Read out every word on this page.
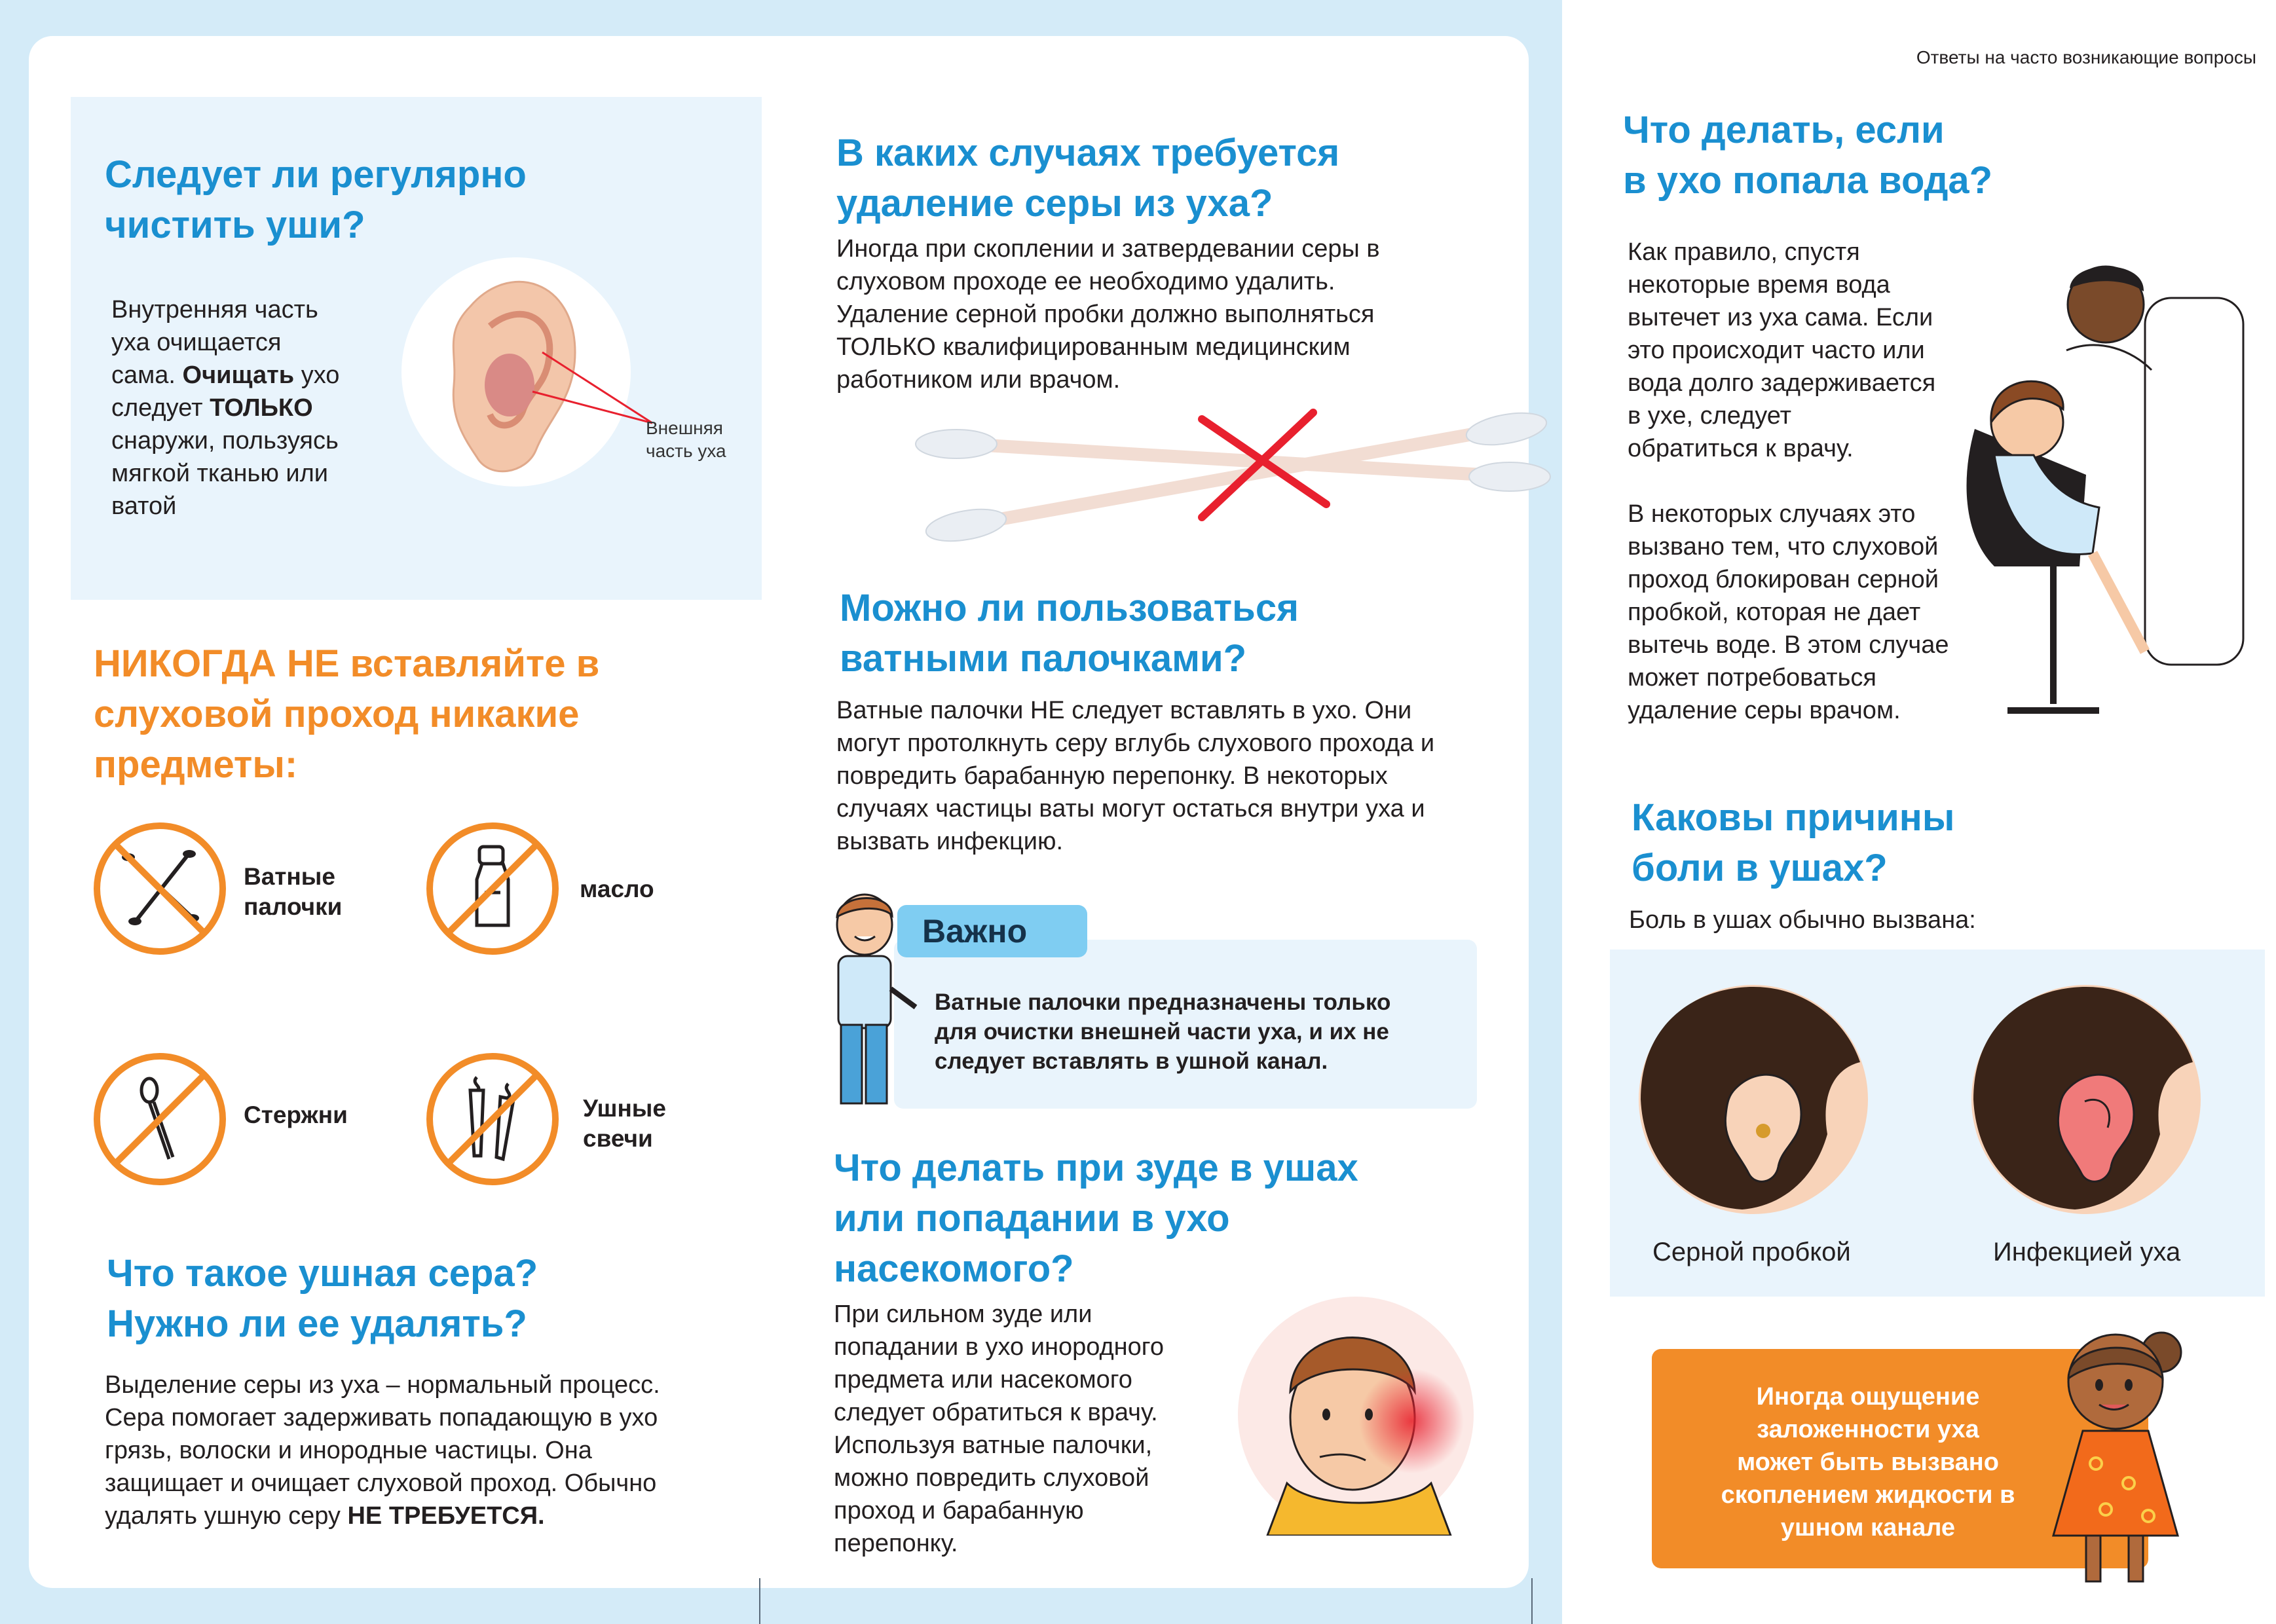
Ответы на часто возникающие вопросы

Следует ли регулярно
чистить уши?

Внутренняя часть
уха очищается
сама. Очищать ухо
следует ТОЛЬКО
снаружи, пользуясь
мягкой тканью или
ватой
Внешняя
часть уха

НИКОГДА НЕ вставляйте в
слуховой проход никакие
предметы:

Ватные
палочки
масло
Стержни	Ушные
свечи

Что такое ушная сера?
Нужно ли ее удалять?

Выделение серы из уха – нормальный процесс.
Сера помогает задерживать попадающую в ухо
грязь, волоски и инородные частицы. Она
защищает и очищает слуховой проход. Обычно
удалять ушную серу НЕ ТРЕБУЕТСЯ.

В каких случаях требуется
удаление серы из уха?

Иногда при скоплении и затвердевании серы в
слуховом проходе ее необходимо удалить.
Удаление серной пробки должно выполняться
ТОЛЬКО квалифицированным медицинским
работником или врачом.

Можно ли пользоваться
ватными палочками?

Ватные палочки НЕ следует вставлять в ухо. Они
могут протолкнуть серу вглубь слухового прохода и
повредить барабанную перепонку. В некоторых
случаях частицы ваты могут остаться внутри уха и
вызвать инфекцию.
Важно
Ватные палочки предназначены только
для очистки внешней части уха, и их не
следует вставлять в ушной канал.

Что делать при зуде в ушах
или попадании в ухо
насекомого?

При сильном зуде или
попадании в ухо инородного
предмета или насекомого
следует обратиться к врачу.
Используя ватные палочки,
можно повредить слуховой
проход и барабанную
перепонку.

Что делать, если
в ухо попала вода?

Как правило, спустя
некоторые время вода
вытечет из уха сама. Если
это происходит часто или
вода долго задерживается
в ухе, следует
обратиться к врачу.
В некоторых случаях это
вызвано тем, что слуховой
проход блокирован серной
пробкой, которая не дает
вытечь воде. В этом случае
может потребоваться
удаление серы врачом.

Каковы причины
боли в ушах?

Боль в ушах обычно вызвана:
Серной пробкой	Инфекцией уха
Иногда ощущение
заложенности уха
может быть вызвано
скоплением жидкости в
ушном канале
